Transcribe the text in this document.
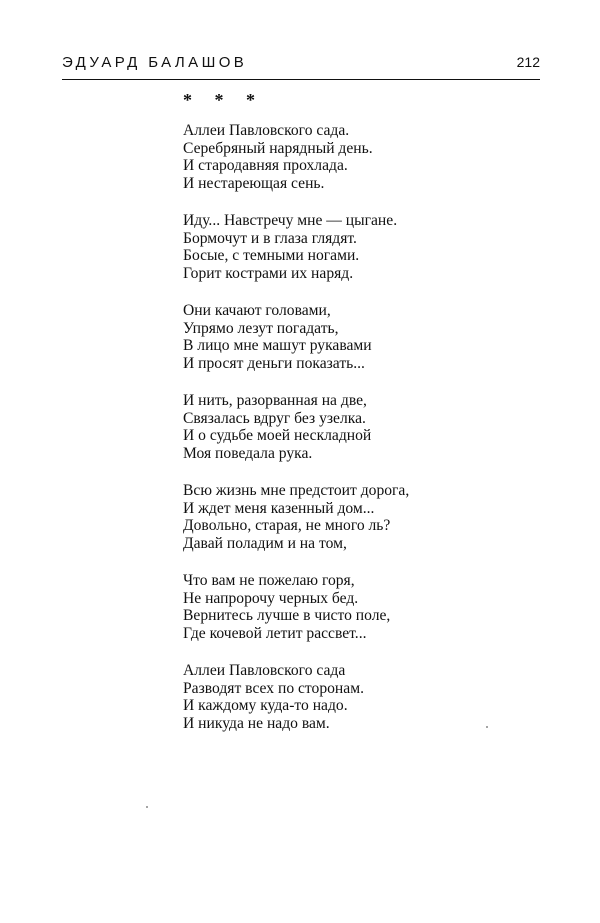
ЭДУАРД БАЛАШОВ	212
* * *
Аллеи Павловского сада.
Серебряный нарядный день.
И стародавняя прохлада.
И нестареющая сень.
Иду... Навстречу мне — цыгане.
Бормочут и в глаза глядят.
Босые, с темными ногами.
Горит кострами их наряд.
Они качают головами,
Упрямо лезут погадать,
В лицо мне машут рукавами
И просят деньги показать...
И нить, разорванная на две,
Связалась вдруг без узелка.
И о судьбе моей нескладной
Моя поведала рука.
Всю жизнь мне предстоит дорога,
И ждет меня казенный дом...
Довольно, старая, не много ль?
Давай поладим и на том,
Что вам не пожелаю горя,
Не напророчу черных бед.
Вернитесь лучше в чисто поле,
Где кочевой летит рассвет...
Аллеи Павловского сада
Разводят всех по сторонам.
И каждому куда-то надо.
И никуда не надо вам.
